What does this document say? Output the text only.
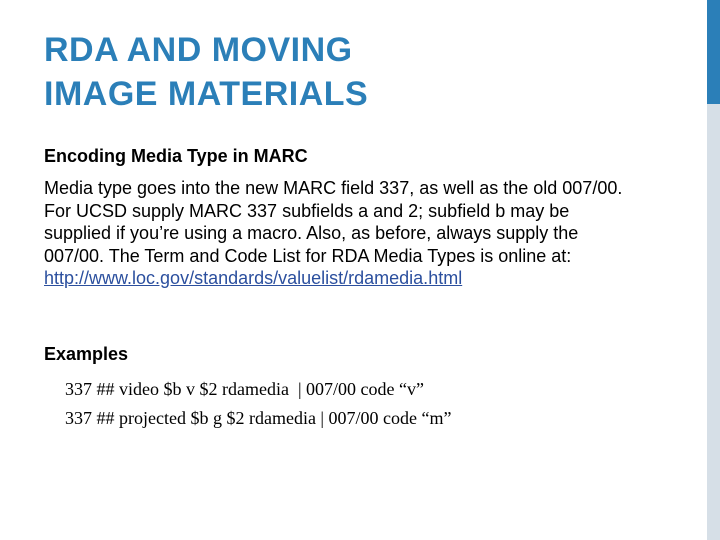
RDA AND MOVING
IMAGE MATERIALS
Encoding Media Type in MARC
Media type goes into the new MARC field 337, as well as the old 007/00. For UCSD supply MARC 337 subfields a and 2; subfield b may be supplied if you’re using a macro. Also, as before, always supply the 007/00. The Term and Code List for RDA Media Types is online at: http://www.loc.gov/standards/valuelist/rdamedia.html
Examples
337 ## video $b v $2 rdamedia  | 007/00 code “v”
337 ## projected $b g $2 rdamedia | 007/00 code “m”
